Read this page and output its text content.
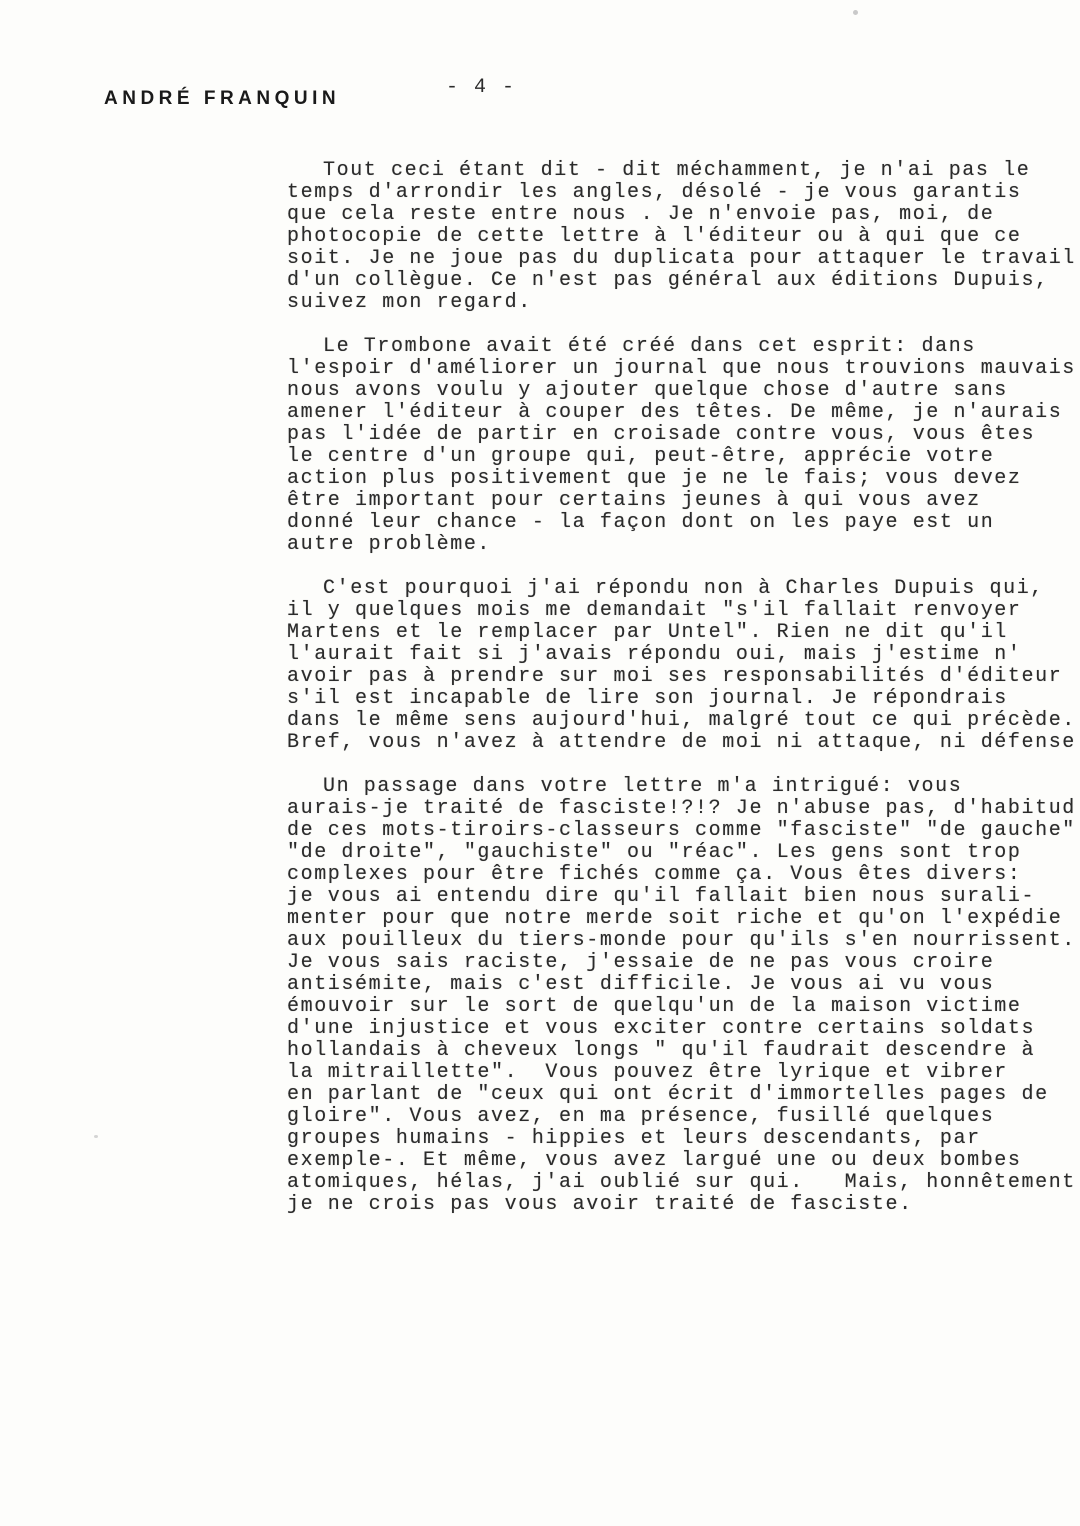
ANDRÉ FRANQUIN	- 4 -
Tout ceci étant dit - dit méchamment, je n'ai pas le
temps d'arrondir les angles, désolé - je vous garantis
que cela reste entre nous . Je n'envoie pas, moi, de
photocopie de cette lettre à l'éditeur ou à qui que ce
soit. Je ne joue pas du duplicata pour attaquer le travail
d'un collègue. Ce n'est pas général aux éditions Dupuis,
suivez mon regard.
Le Trombone avait été créé dans cet esprit: dans
l'espoir d'améliorer un journal que nous trouvions mauvais
nous avons voulu y ajouter quelque chose d'autre sans
amener l'éditeur à couper des têtes. De même, je n'aurais
pas l'idée de partir en croisade contre vous, vous êtes
le centre d'un groupe qui, peut-être, apprécie votre
action plus positivement que je ne le fais; vous devez
être important pour certains jeunes à qui vous avez
donné leur chance - la façon dont on les paye est un
autre problème.
C'est pourquoi j'ai répondu non à Charles Dupuis qui,
il y quelques mois me demandait "s'il fallait renvoyer
Martens et le remplacer par Untel". Rien ne dit qu'il
l'aurait fait si j'avais répondu oui, mais j'estime n'
avoir pas à prendre sur moi ses responsabilités d'éditeur
s'il est incapable de lire son journal. Je répondrais
dans le même sens aujourd'hui, malgré tout ce qui précède.
Bref, vous n'avez à attendre de moi ni attaque, ni défense
Un passage dans votre lettre m'a intrigué: vous
aurais-je traité de fasciste!?!? Je n'abuse pas, d'habitud
de ces mots-tiroirs-classeurs comme "fasciste" "de gauche"
"de droite", "gauchiste" ou "réac". Les gens sont trop
complexes pour être fichés comme ça. Vous êtes divers:
je vous ai entendu dire qu'il fallait bien nous surali-
menter pour que notre merde soit riche et qu'on l'expédie
aux pouilleux du tiers-monde pour qu'ils s'en nourrissent.
Je vous sais raciste, j'essaie de ne pas vous croire
antisémite, mais c'est difficile. Je vous ai vu vous
émouvoir sur le sort de quelqu'un de la maison victime
d'une injustice et vous exciter contre certains soldats
hollandais à cheveux longs " qu'il faudrait descendre à
la mitraillette".  Vous pouvez être lyrique et vibrer
en parlant de "ceux qui ont écrit d'immortelles pages de
gloire". Vous avez, en ma présence, fusillé quelques
groupes humains - hippies et leurs descendants, par
exemple-. Et même, vous avez largué une ou deux bombes
atomiques, hélas, j'ai oublié sur qui.   Mais, honnêtement
je ne crois pas vous avoir traité de fasciste.
